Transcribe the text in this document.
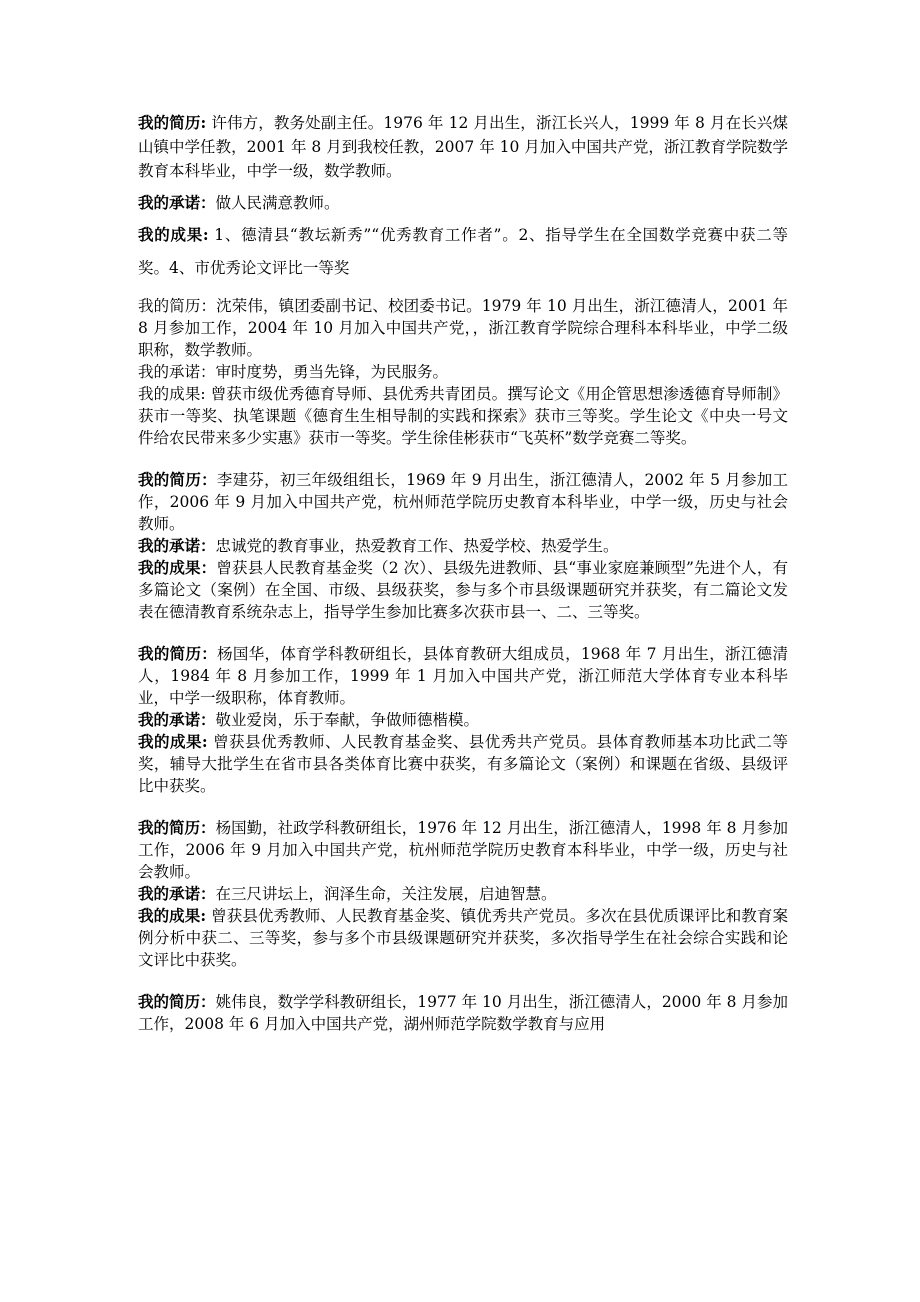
我的简历: 许伟方，教务处副主任。1976 年 12 月出生，浙江长兴人，1999 年 8 月在长兴煤山镇中学任教，2001 年 8 月到我校任教，2007 年 10 月加入中国共产党，浙江教育学院数学教育本科毕业，中学一级，数学教师。

我的承诺：做人民满意教师。

我的成果: 1、德清县“教坛新秀”“优秀教育工作者”。2、指导学生在全国数学竞赛中获二等奖。4、市优秀论文评比一等奖

我的简历：沈荣伟，镇团委副书记、校团委书记。1979 年 10 月出生，浙江德清人，2001 年 8 月参加工作，2004 年 10 月加入中国共产党，，浙江教育学院综合理科本科毕业，中学二级职称，数学教师。

我的承诺：审时度势，勇当先锋，为民服务。

我的成果: 曾获市级优秀德育导师、县优秀共青团员。撰写论文《用企管思想渗透德育导师制》获市一等奖、执笔课题《德育生生相导制的实践和探索》获市三等奖。学生论文《中央一号文件给农民带来多少实惠》获市一等奖。学生徐佳彬获市“飞英杯”数学竞赛二等奖。

我的简历：李建芬，初三年级组组长，1969 年 9 月出生，浙江德清人，2002 年 5 月参加工作，2006 年 9 月加入中国共产党，杭州师范学院历史教育本科毕业，中学一级，历史与社会教师。

我的承诺：忠诚党的教育事业，热爱教育工作、热爱学校、热爱学生。

我的成果：曾获县人民教育基金奖（2 次）、县级先进教师、县“事业家庭兼顾型”先进个人，有多篇论文（案例）在全国、市级、县级获奖，参与多个市县级课题研究并获奖，有二篇论文发表在德清教育系统杂志上，指导学生参加比赛多次获市县一、二、三等奖。

我的简历：杨国华，体育学科教研组长，县体育教研大组成员，1968 年 7 月出生，浙江德清人，1984 年 8 月参加工作，1999 年 1 月加入中国共产党，浙江师范大学体育专业本科毕业，中学一级职称，体育教师。

我的承诺：敬业爱岗，乐于奉献，争做师德楷模。

我的成果: 曾获县优秀教师、人民教育基金奖、县优秀共产党员。县体育教师基本功比武二等奖，辅导大批学生在省市县各类体育比赛中获奖，有多篇论文（案例）和课题在省级、县级评比中获奖。

我的简历：杨国勤，社政学科教研组长，1976 年 12 月出生，浙江德清人，1998 年 8 月参加工作，2006 年 9 月加入中国共产党，杭州师范学院历史教育本科毕业，中学一级，历史与社会教师。

我的承诺：在三尺讲坛上，润泽生命，关注发展，启迪智慧。

我的成果: 曾获县优秀教师、人民教育基金奖、镇优秀共产党员。多次在县优质课评比和教育案例分析中获二、三等奖，参与多个市县级课题研究并获奖，多次指导学生在社会综合实践和论文评比中获奖。

我的简历：姚伟良，数学学科教研组长，1977 年 10 月出生，浙江德清人，2000 年 8 月参加工作，2008 年 6 月加入中国共产党，湖州师范学院数学教育与应用
